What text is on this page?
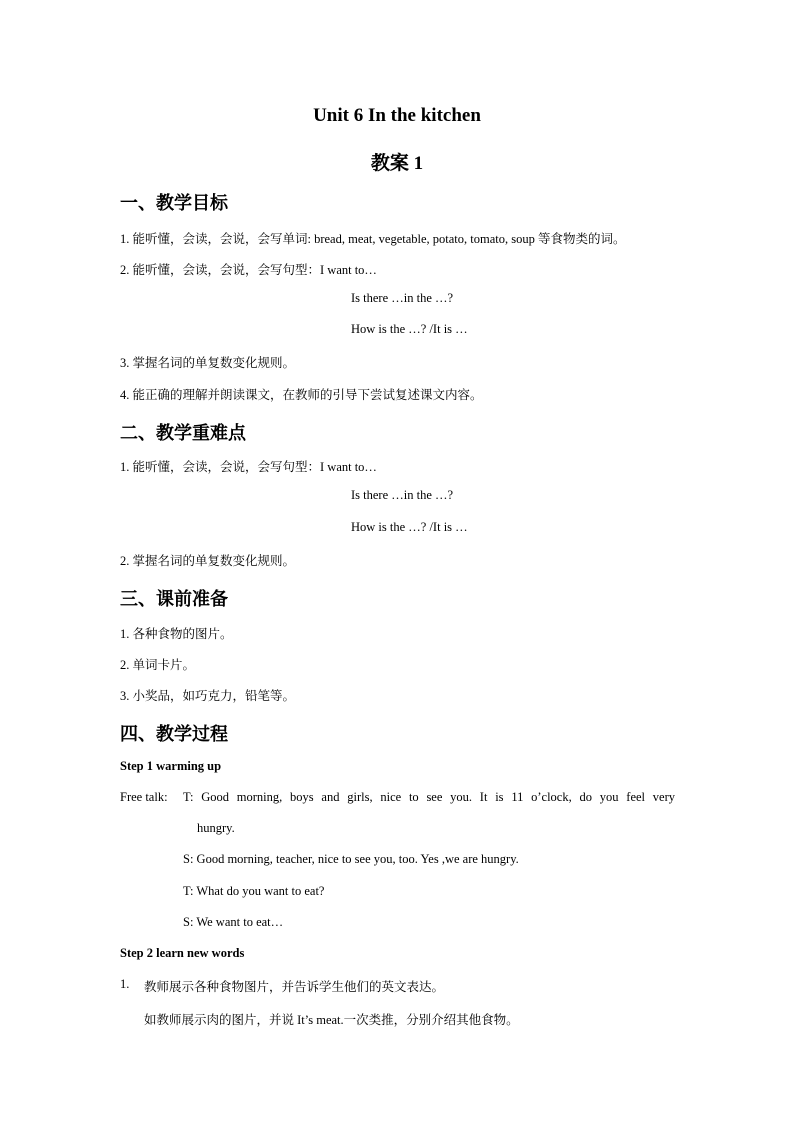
Unit 6 In the kitchen
教案 1
一、教学目标
1. 能听懂，会读，会说，会写单词: bread, meat, vegetable, potato, tomato, soup 等食物类的词。
2. 能听懂，会读，会说，会写句型：I want to…
Is there …in the …?
How is the …? /It is …
3. 掌握名词的单复数变化规则。
4. 能正确的理解并朗读课文，在教师的引导下尝试复述课文内容。
二、教学重难点
1. 能听懂，会读，会说，会写句型：I want to…
Is there …in the …?
How is the …? /It is …
2. 掌握名词的单复数变化规则。
三、课前准备
1. 各种食物的图片。
2. 单词卡片。
3. 小奖品，如巧克力，铅笔等。
四、教学过程
Step 1 warming up
Free talk: T: Good morning, boys and girls, nice to see you. It is 11 o’clock, do you feel very
hungry.
S: Good morning, teacher, nice to see you, too. Yes ,we are hungry.
T: What do you want to eat?
S: We want to eat…
Step 2 learn new words
1. 教师展示各种食物图片，并告诉学生他们的英文表达。
如教师展示肉的图片，并说 It’s meat.一次类推，分别介绍其他食物。
